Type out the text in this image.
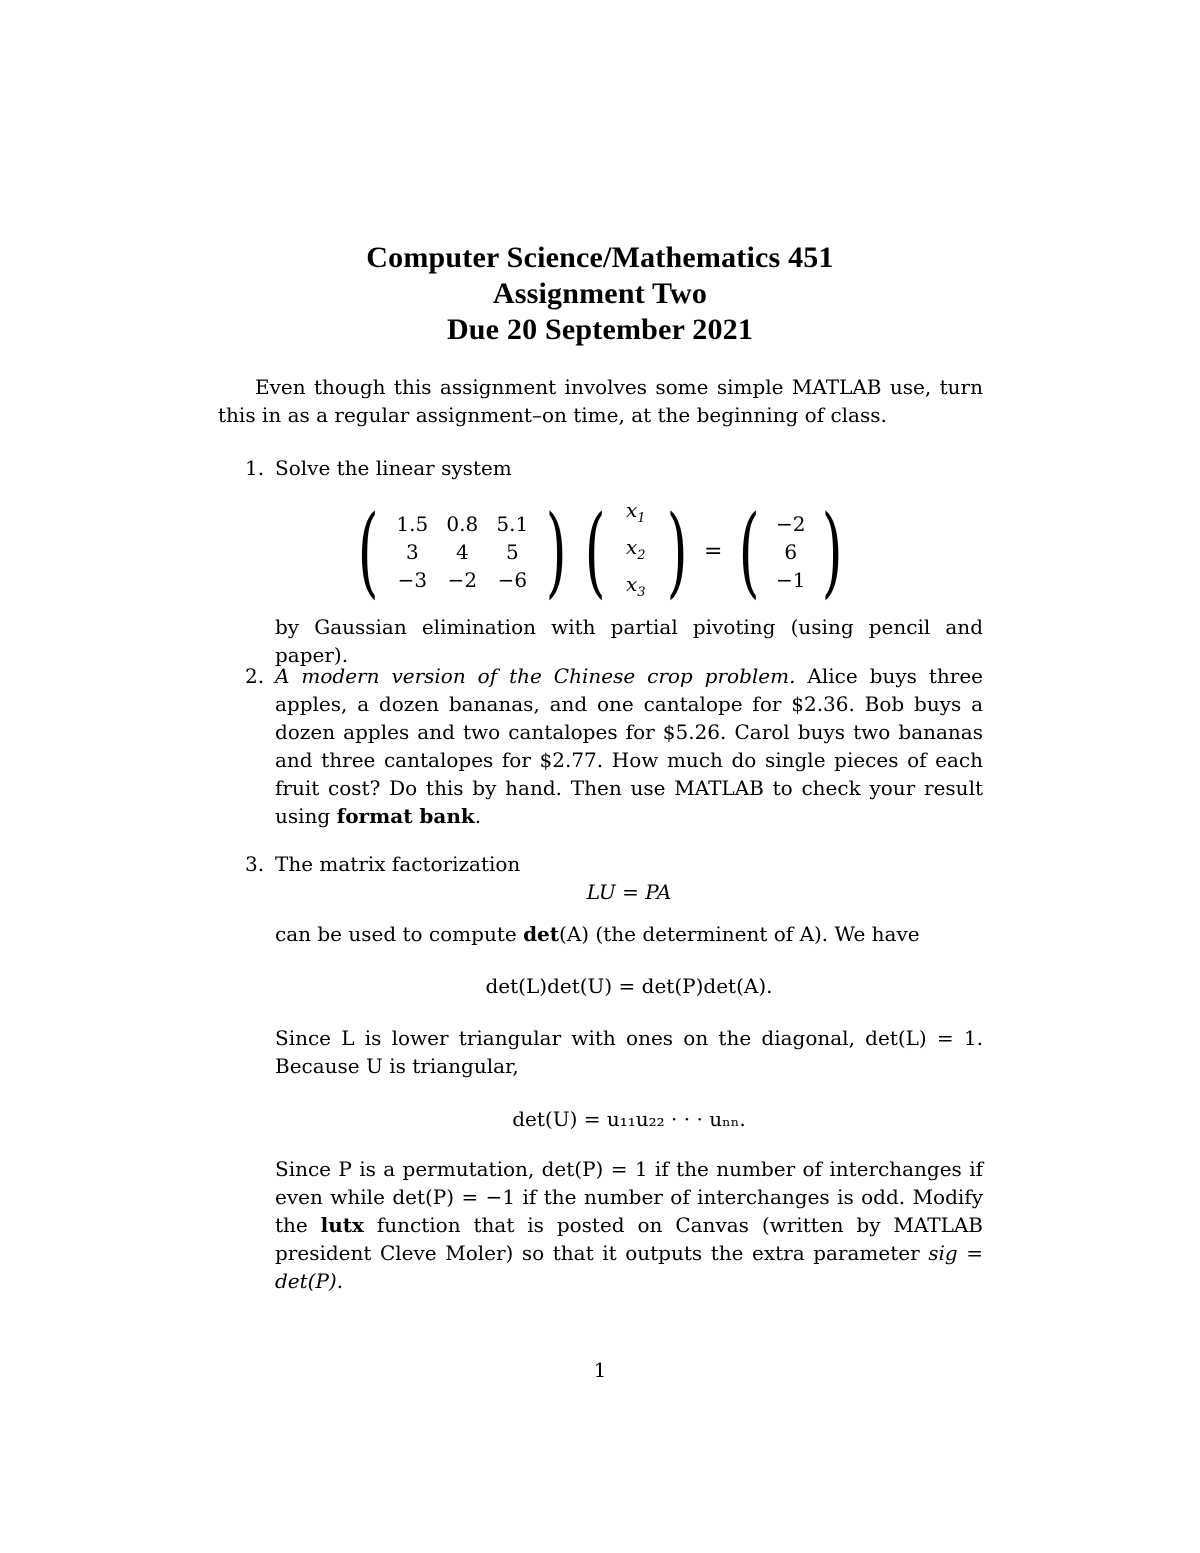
Computer Science/Mathematics 451
Assignment Two
Due 20 September 2021
Even though this assignment involves some simple MATLAB use, turn this in as a regular assignment–on time, at the beginning of class.
1. Solve the linear system
( 1.5 0.8 5.1
3	4	5
−3	−2	−6 ) (	$x_1$
$x_2$
$x_3$ ) = ( −2
6
−1 )
by Gaussian elimination with partial pivoting (using pencil and paper).
2. A modern version of the Chinese crop problem. Alice buys three apples, a dozen bananas, and one cantalope for $2.36. Bob buys a dozen apples and two cantalopes for $5.26. Carol buys two bananas and three cantalopes for $2.77. How much do single pieces of each fruit cost? Do this by hand. Then use MATLAB to check your result using format bank.
3. The matrix factorization
LU = PA
can be used to compute det(A) (the determinent of A). We have
det(L)det(U) = det(P)det(A).
Since L is lower triangular with ones on the diagonal, det(L) = 1. Because U is triangular,
det(U) = u₁₁u₂₂ · · · uₙₙ.
Since P is a permutation, det(P) = 1 if the number of interchanges if even while det(P) = −1 if the number of interchanges is odd. Modify the lutx function that is posted on Canvas (written by MATLAB president Cleve Moler) so that it outputs the extra parameter sig = det(P).
1
